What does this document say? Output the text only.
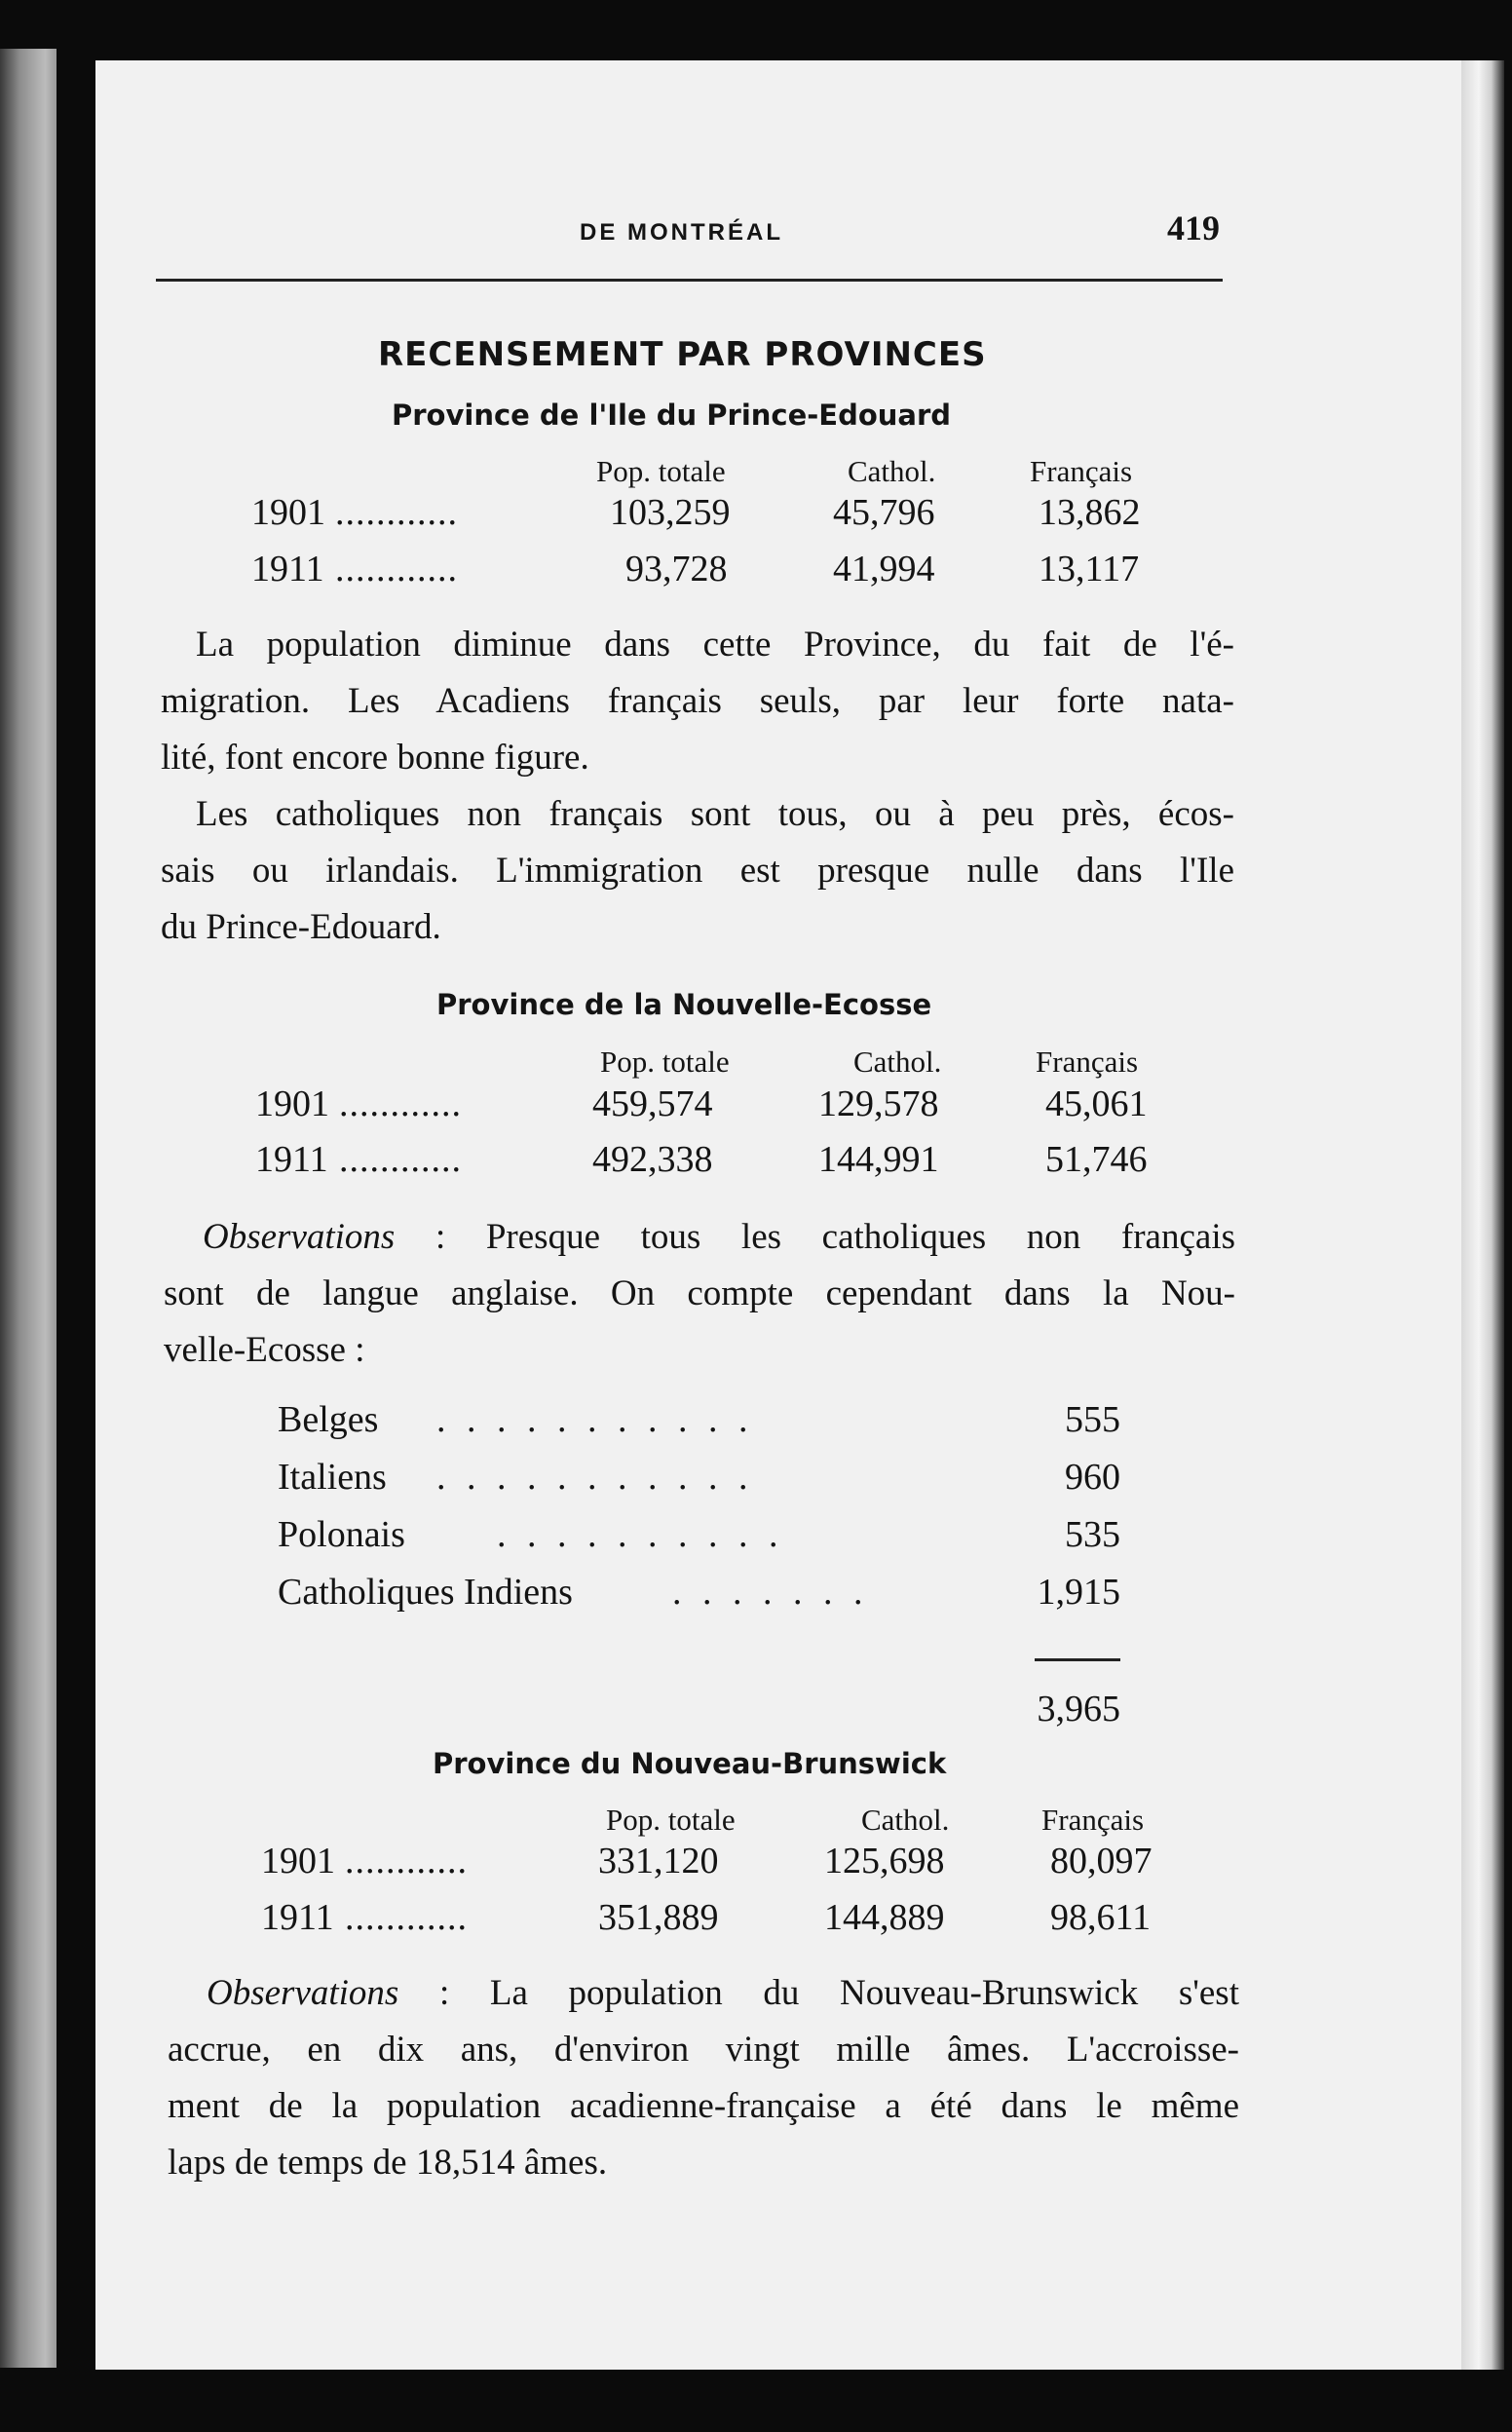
DE MONTRÉAL	419
RECENSEMENT PAR PROVINCES
Province de l'Ile du Prince-Edouard
Pop. totale	Cathol.	Français
1901 ............	103,259	45,796	13,862
1911 ............	93,728	41,994	13,117
La population diminue dans cette Province, du fait de l'é-
migration. Les Acadiens français seuls, par leur forte nata-
lité, font encore bonne figure.
Les catholiques non français sont tous, ou à peu près, écos-
sais ou irlandais. L'immigration est presque nulle dans l'Ile
du Prince-Edouard.
Province de la Nouvelle-Ecosse
Pop. totale	Cathol.	Français
1901 ............	459,574	129,578	45,061
1911 ............	492,338	144,991	51,746
Observations : Presque tous les catholiques non français
sont de langue anglaise. On compte cependant dans la Nou-
velle-Ecosse :
Belges . . . . . . . . . . .	555
Italiens . . . . . . . . . . .	960
Polonais . . . . . . . . . .	535
Catholiques Indiens	. . . . . . .	1,915
3,965
Province du Nouveau-Brunswick
Pop. totale	Cathol.	Français
1901 ............	331,120	125,698	80,097
1911 ............	351,889	144,889	98,611
Observations : La population du Nouveau-Brunswick s'est
accrue, en dix ans, d'environ vingt mille âmes. L'accroisse-
ment de la population acadienne-française a été dans le même
laps de temps de 18,514 âmes.
